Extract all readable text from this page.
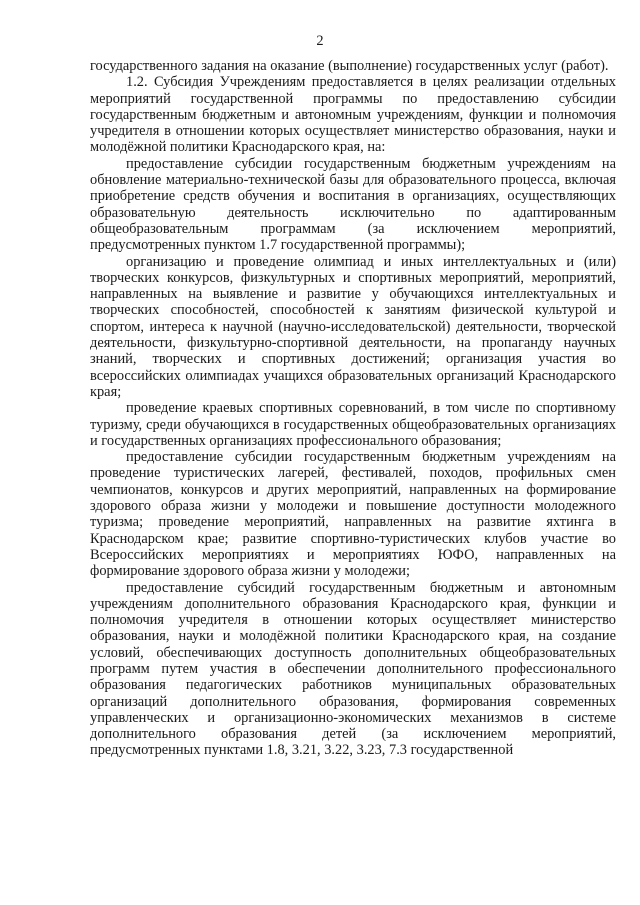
2

государственного задания на оказание (выполнение) государственных услуг (работ).

1.2. Субсидия Учреждениям предоставляется в целях реализации отдельных мероприятий государственной программы по предоставлению субсидии государственным бюджетным и автономным учреждениям, функции и полномочия учредителя в отношении которых осуществляет министерство образования, науки и молодёжной политики Краснодарского края, на:

предоставление субсидии государственным бюджетным учреждениям на обновление материально-технической базы для образовательного процесса, включая приобретение средств обучения и воспитания в организациях, осуществляющих образовательную деятельность исключительно по адаптированным общеобразовательным программам (за исключением мероприятий, предусмотренных пунктом 1.7 государственной программы);

организацию и проведение олимпиад и иных интеллектуальных и (или) творческих конкурсов, физкультурных и спортивных мероприятий, мероприятий, направленных на выявление и развитие у обучающихся интеллектуальных и творческих способностей, способностей к занятиям физической культурой и спортом, интереса к научной (научно-исследовательской) деятельности, творческой деятельности, физкультурно-спортивной деятельности, на пропаганду научных знаний, творческих и спортивных достижений; организация участия во всероссийских олимпиадах учащихся образовательных организаций Краснодарского края;

проведение краевых спортивных соревнований, в том числе по спортивному туризму, среди обучающихся в государственных общеобразовательных организациях и государственных организациях профессионального образования;

предоставление субсидии государственным бюджетным учреждениям на проведение туристических лагерей, фестивалей, походов, профильных смен чемпионатов, конкурсов и других мероприятий, направленных на формирование здорового образа жизни у молодежи и повышение доступности молодежного туризма; проведение мероприятий, направленных на развитие яхтинга в Краснодарском крае; развитие спортивно-туристических клубов участие во Всероссийских мероприятиях и мероприятиях ЮФО, направленных на формирование здорового образа жизни у молодежи;

предоставление субсидий государственным бюджетным и автономным учреждениям дополнительного образования Краснодарского края, функции и полномочия учредителя в отношении которых осуществляет министерство образования, науки и молодёжной политики Краснодарского края, на создание условий, обеспечивающих доступность дополнительных общеобразовательных программ путем участия в обеспечении дополнительного профессионального образования педагогических работников муниципальных образовательных организаций дополнительного образования, формирования современных управленческих и организационно-экономических механизмов в системе дополнительного образования детей (за исключением мероприятий, предусмотренных пунктами 1.8, 3.21, 3.22, 3.23, 7.3 государственной
